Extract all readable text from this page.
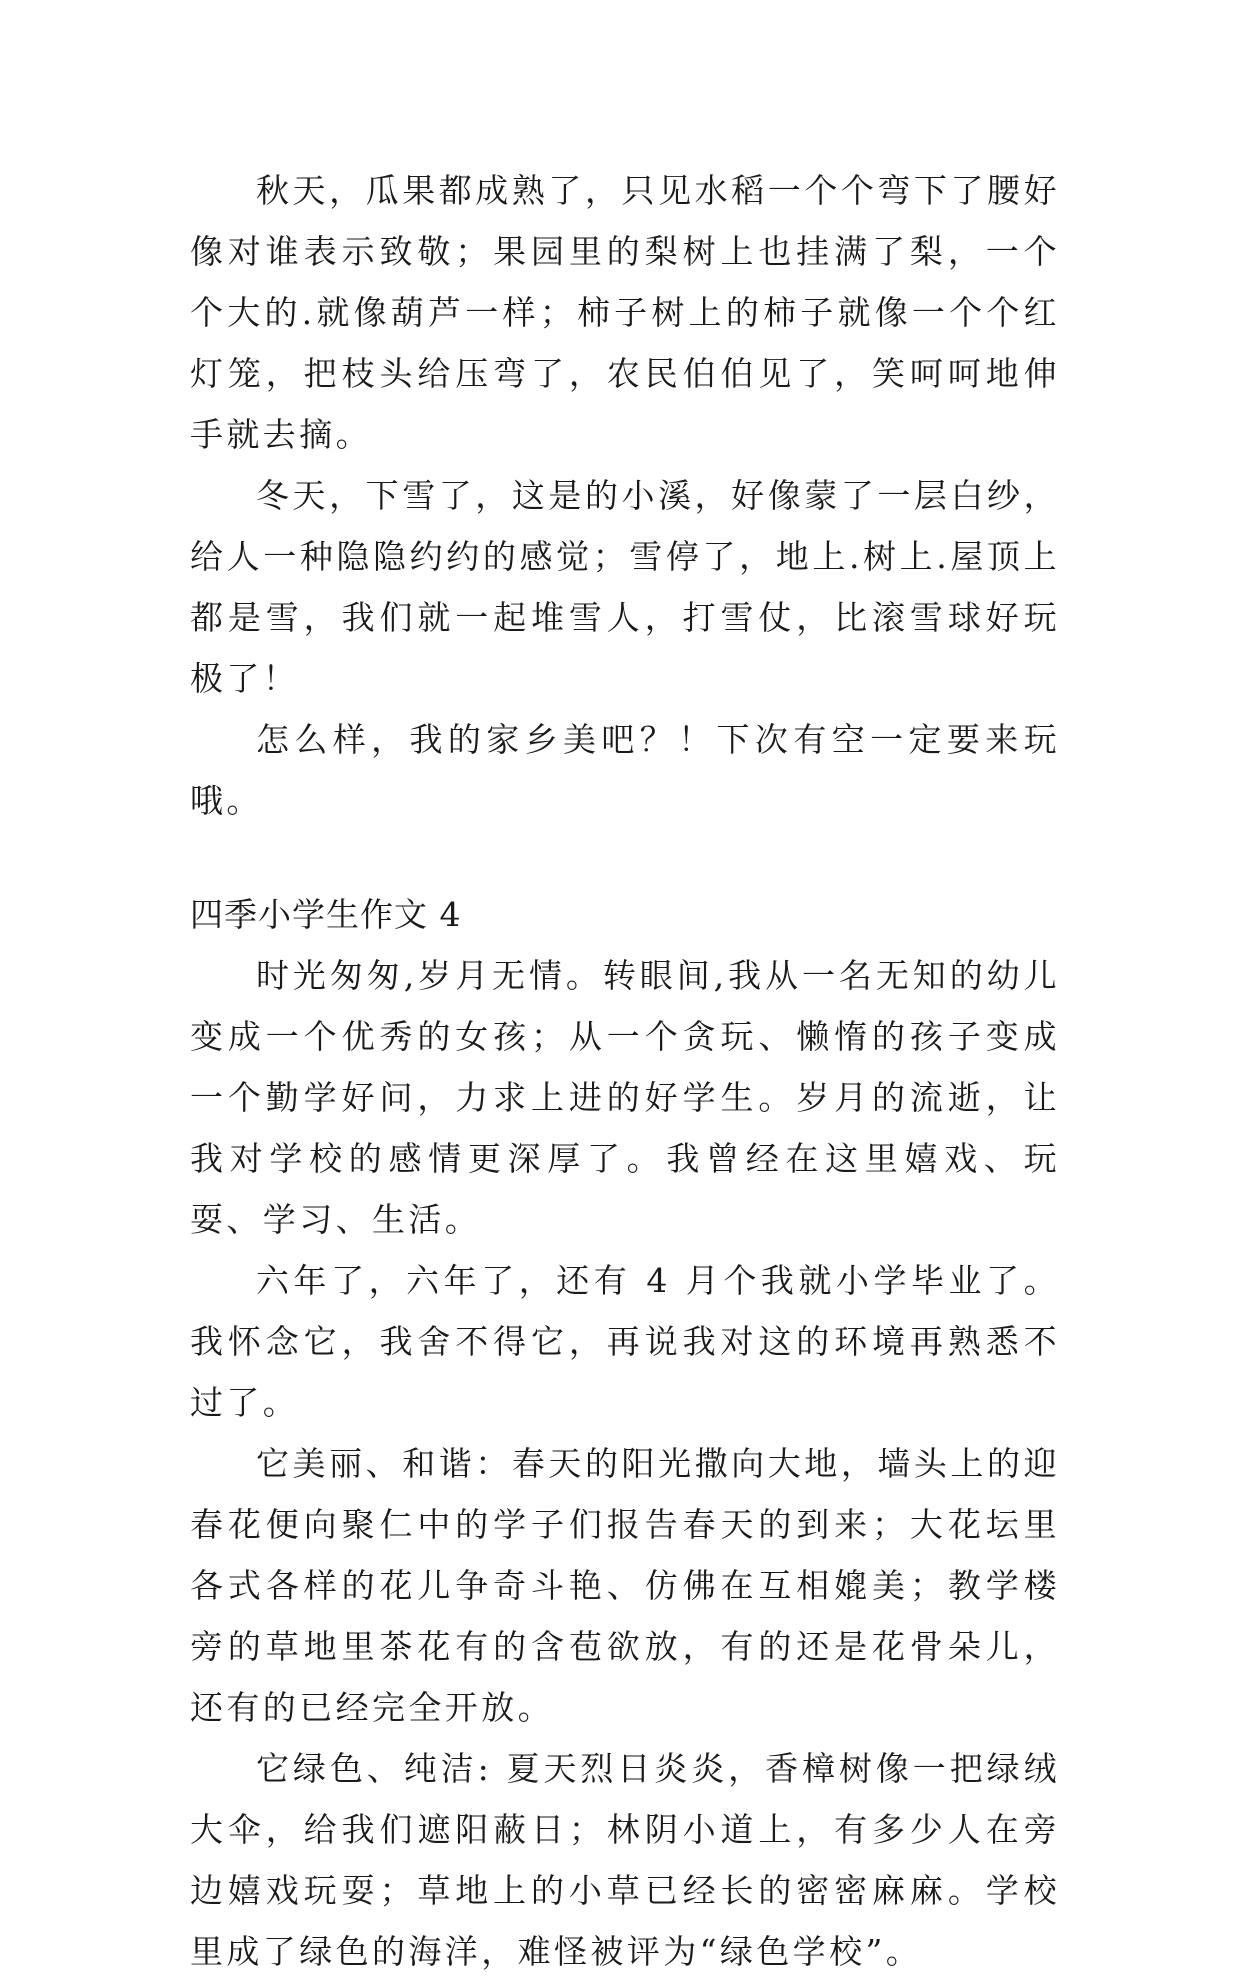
秋天，瓜果都成熟了，只见水稻一个个弯下了腰好像对谁表示致敬；果园里的梨树上也挂满了梨，一个个大的.就像葫芦一样；柿子树上的柿子就像一个个红灯笼，把枝头给压弯了，农民伯伯见了，笑呵呵地伸手就去摘。

冬天，下雪了，这是的小溪，好像蒙了一层白纱，给人一种隐隐约约的感觉；雪停了，地上.树上.屋顶上都是雪，我们就一起堆雪人，打雪仗，比滚雪球好玩极了！

怎么样，我的家乡美吧？！下次有空一定要来玩哦。

四季小学生作文 4

时光匆匆,岁月无情。转眼间,我从一名无知的幼儿变成一个优秀的女孩；从一个贪玩、懒惰的孩子变成一个勤学好问，力求上进的好学生。岁月的流逝，让我对学校的感情更深厚了。我曾经在这里嬉戏、玩耍、学习、生活。

六年了，六年了，还有 4 月个我就小学毕业了。我怀念它，我舍不得它，再说我对这的环境再熟悉不过了。

它美丽、和谐：春天的阳光撒向大地，墙头上的迎春花便向聚仁中的学子们报告春天的到来；大花坛里各式各样的花儿争奇斗艳、仿佛在互相媲美；教学楼旁的草地里茶花有的含苞欲放，有的还是花骨朵儿，还有的已经完全开放。

它绿色、纯洁: 夏天烈日炎炎，香樟树像一把绿绒大伞，给我们遮阳蔽日；林阴小道上，有多少人在旁边嬉戏玩耍；草地上的小草已经长的密密麻麻。学校里成了绿色的海洋，难怪被评为“绿色学校”。
